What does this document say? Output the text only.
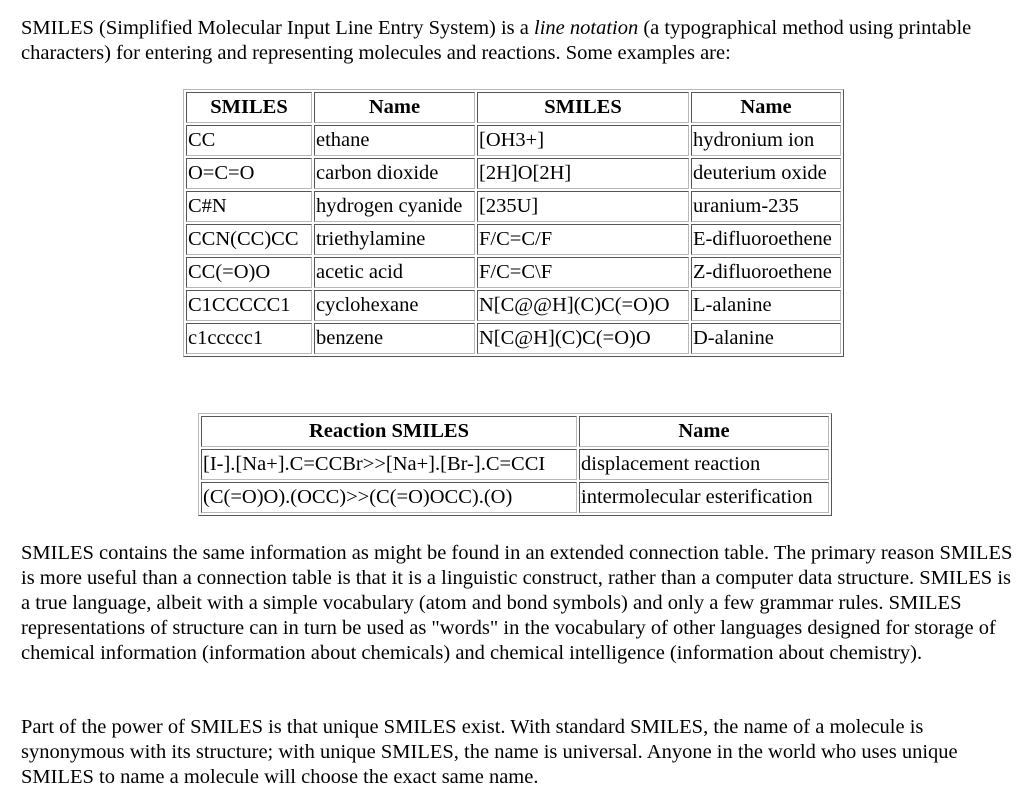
SMILES (Simplified Molecular Input Line Entry System) is a line notation (a typographical method using printable characters) for entering and representing molecules and reactions. Some examples are:

SMILES	Name	SMILES	Name
CC	ethane	[OH3+]	hydronium ion
O=C=O	carbon dioxide	[2H]O[2H]	deuterium oxide
C#N	hydrogen cyanide	[235U]	uranium-235
CCN(CC)CC	triethylamine	F/C=C/F	E-difluoroethene
CC(=O)O	acetic acid	F/C=C\F	Z-difluoroethene
C1CCCCC1	cyclohexane	N[C@@H](C)C(=O)O	L-alanine
c1ccccc1	benzene	N[C@H](C)C(=O)O	D-alanine
Reaction SMILES	Name
[I-].[Na+].C=CCBr>>[Na+].[Br-].C=CCI	displacement reaction
(C(=O)O).(OCC)>>(C(=O)OCC).(O)	intermolecular esterification

SMILES contains the same information as might be found in an extended connection table. The primary reason SMILES is more useful than a connection table is that it is a linguistic construct, rather than a computer data structure. SMILES is a true language, albeit with a simple vocabulary (atom and bond symbols) and only a few grammar rules. SMILES representations of structure can in turn be used as "words" in the vocabulary of other languages designed for storage of chemical information (information about chemicals) and chemical intelligence (information about chemistry).

Part of the power of SMILES is that unique SMILES exist. With standard SMILES, the name of a molecule is synonymous with its structure; with unique SMILES, the name is universal. Anyone in the world who uses unique SMILES to name a molecule will choose the exact same name.
